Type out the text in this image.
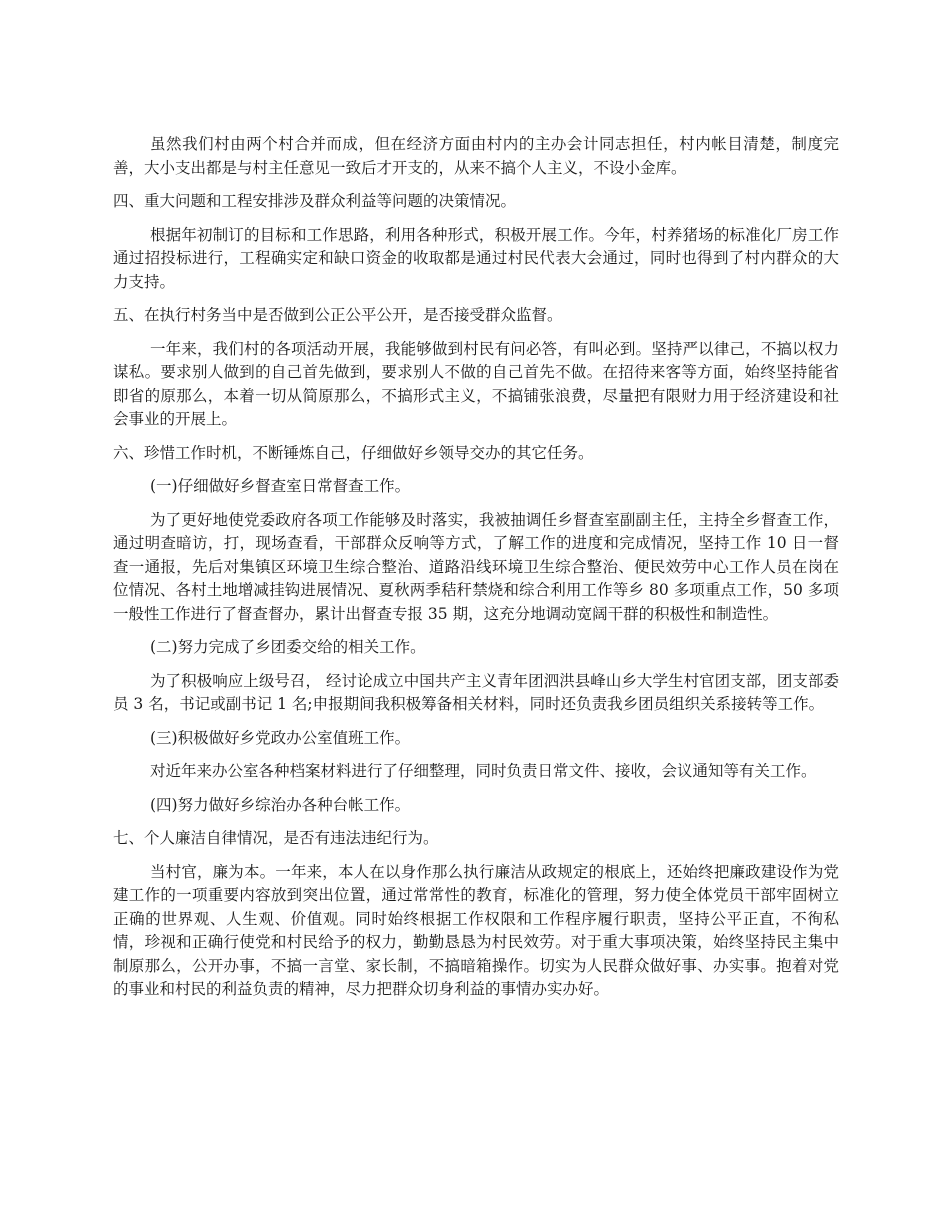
虽然我们村由两个村合并而成，但在经济方面由村内的主办会计同志担任，村内帐目清楚，制度完善，大小支出都是与村主任意见一致后才开支的，从来不搞个人主义，不设小金库。

四、重大问题和工程安排涉及群众利益等问题的决策情况。

根据年初制订的目标和工作思路，利用各种形式，积极开展工作。今年，村养猪场的标准化厂房工作通过招投标进行，工程确实定和缺口资金的收取都是通过村民代表大会通过，同时也得到了村内群众的大力支持。

五、在执行村务当中是否做到公正公平公开，是否接受群众监督。

一年来，我们村的各项活动开展，我能够做到村民有问必答，有叫必到。坚持严以律己，不搞以权力谋私。要求别人做到的自己首先做到，要求别人不做的自己首先不做。在招待来客等方面，始终坚持能省即省的原那么，本着一切从简原那么，不搞形式主义，不搞铺张浪费，尽量把有限财力用于经济建设和社会事业的开展上。

六、珍惜工作时机，不断锤炼自己，仔细做好乡领导交办的其它任务。

(一)仔细做好乡督查室日常督查工作。

为了更好地使党委政府各项工作能够及时落实，我被抽调任乡督查室副副主任，主持全乡督查工作，通过明查暗访，打，现场查看，干部群众反响等方式，了解工作的进度和完成情况，坚持工作 10 日一督查一通报，先后对集镇区环境卫生综合整治、道路沿线环境卫生综合整治、便民效劳中心工作人员在岗在位情况、各村土地增减挂钩进展情况、夏秋两季秸秆禁烧和综合利用工作等乡 80 多项重点工作，50 多项一般性工作进行了督查督办，累计出督查专报 35 期，这充分地调动宽阔干群的积极性和制造性。

(二)努力完成了乡团委交给的相关工作。

为了积极响应上级号召， 经讨论成立中国共产主义青年团泗洪县峰山乡大学生村官团支部，团支部委员 3 名，书记或副书记 1 名;申报期间我积极筹备相关材料，同时还负责我乡团员组织关系接转等工作。

(三)积极做好乡党政办公室值班工作。

对近年来办公室各种档案材料进行了仔细整理，同时负责日常文件、接收，会议通知等有关工作。

(四)努力做好乡综治办各种台帐工作。

七、个人廉洁自律情况，是否有违法违纪行为。

当村官，廉为本。一年来，本人在以身作那么执行廉洁从政规定的根底上，还始终把廉政建设作为党建工作的一项重要内容放到突出位置，通过常常性的教育，标准化的管理，努力使全体党员干部牢固树立正确的世界观、人生观、价值观。同时始终根据工作权限和工作程序履行职责，坚持公平正直，不徇私情，珍视和正确行使党和村民给予的权力，勤勤恳恳为村民效劳。对于重大事项决策，始终坚持民主集中制原那么，公开办事，不搞一言堂、家长制，不搞暗箱操作。切实为人民群众做好事、办实事。抱着对党的事业和村民的利益负责的精神，尽力把群众切身利益的事情办实办好。
